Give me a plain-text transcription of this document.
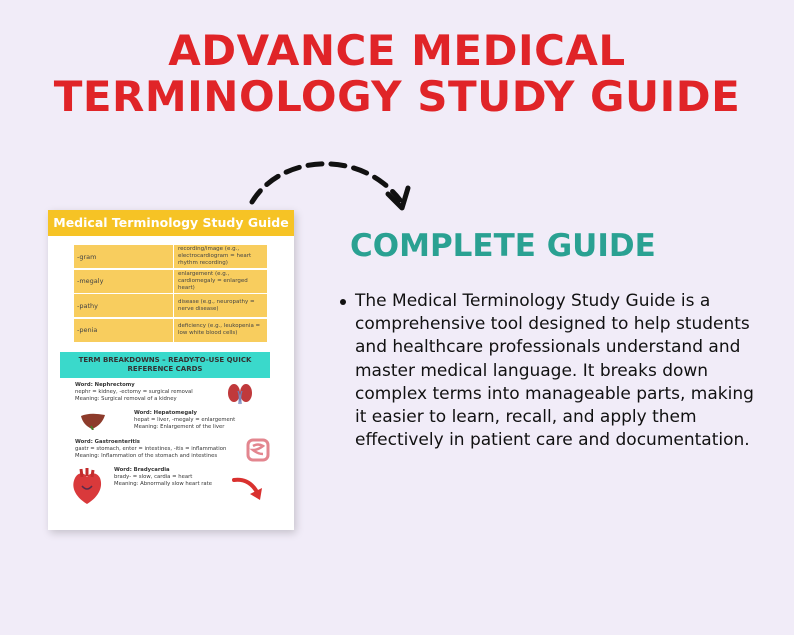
ADVANCE MEDICAL
TERMINOLOGY STUDY GUIDE
Medical Terminology Study Guide
-gram
recording/image (e.g., electrocardiogram = heart rhythm recording)
-megaly
enlargement (e.g., cardiomegaly = enlarged heart)
-pathy	disease (e.g., neuropathy = nerve disease)
-penia	deficiency (e.g., leukopenia = low white blood cells)
TERM BREAKDOWNS – READY-TO-USE QUICK REFERENCE CARDS
Word: Nephrectomy
nephr = kidney, -ectomy = surgical removal
Meaning: Surgical removal of a kidney
Word: Hepatomegaly
hepat = liver, -megaly = enlargement
Meaning: Enlargement of the liver
Word: Gastroenteritis
gastr = stomach, enter = intestines, -itis = inflammation
Meaning: Inflammation of the stomach and intestines
Word: Bradycardia
brady- = slow, cardia = heart
Meaning: Abnormally slow heart rate
COMPLETE GUIDE
The Medical Terminology Study Guide is a comprehensive tool designed to help students and healthcare professionals understand and master medical language. It breaks down complex terms into manageable parts, making it easier to learn, recall, and apply them effectively in patient care and documentation.
